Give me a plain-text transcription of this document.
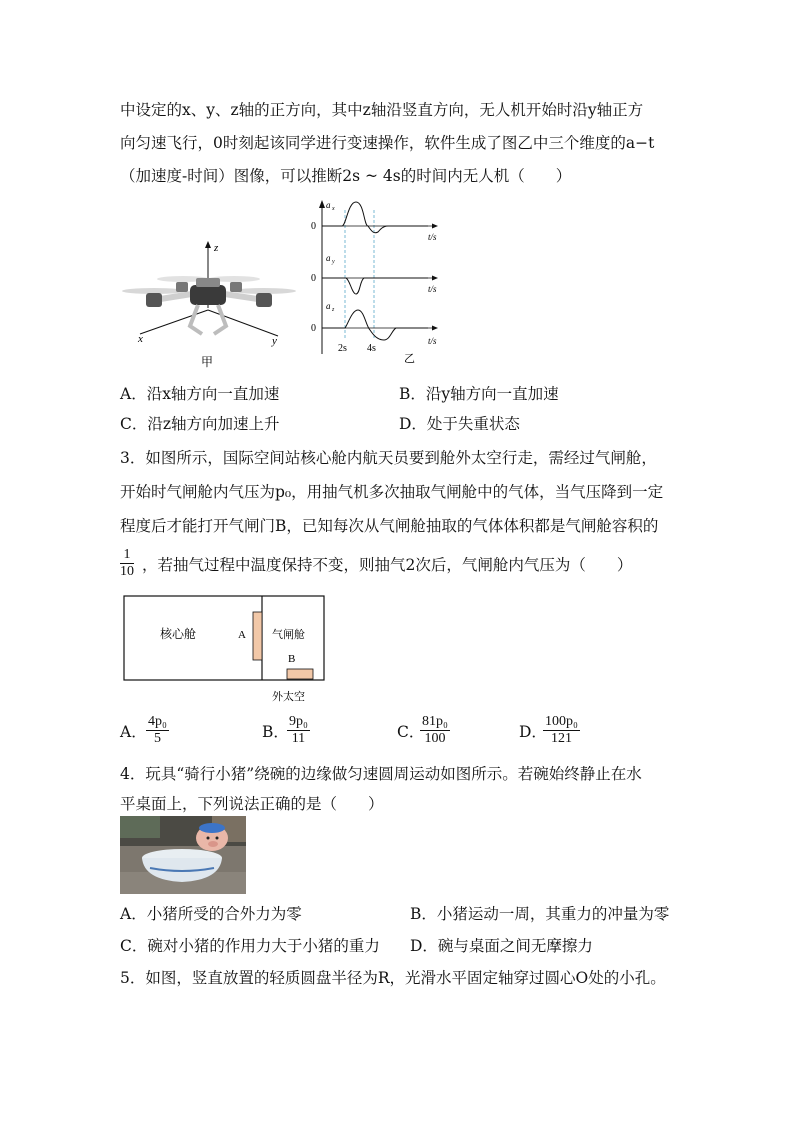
中设定的x、y、z轴的正方向，其中z轴沿竖直方向，无人机开始时沿y轴正方
向匀速飞行，0时刻起该同学进行变速操作，软件生成了图乙中三个维度的a−t
（加速度-时间）图像，可以推断2s ~ 4s的时间内无人机（　　）
z
x	y
甲
a x
0
t/s
a y
0
t/s
a z
0
t/s
2s 4s
乙
A．沿x轴方向一直加速	B．沿y轴方向一直加速
C．沿z轴方向加速上升	D．处于失重状态
3．如图所示，国际空间站核心舱内航天员要到舱外太空行走，需经过气闸舱，
开始时气闸舱内气压为p₀，用抽气机多次抽取气闸舱中的气体，当气压降到一定
程度后才能打开气闸门B，已知每次从气闸舱抽取的气体体积都是气闸舱容积的
$\frac{1}{10}$ ，若抽气过程中温度保持不变，则抽气2次后，气闸舱内气压为（　　）
核心舱	A 气闸舱
B
外太空
A． $\frac{\text{4p₀}}{5}$	B．
$\frac{\text{9p₀}}{11}$	C．
$\frac{\text{81p₀}}{100}$	D．
$\frac{\text{100p₀}}{121}$
4．玩具“骑行小猪”绕碗的边缘做匀速圆周运动如图所示。若碗始终静止在水
平桌面上，下列说法正确的是（　　）
A．小猪所受的合外力为零	B．小猪运动一周，其重力的冲量为零
C．碗对小猪的作用力大于小猪的重力 D．碗与桌面之间无摩擦力
5．如图，竖直放置的轻质圆盘半径为R，光滑水平固定轴穿过圆心O处的小孔。
